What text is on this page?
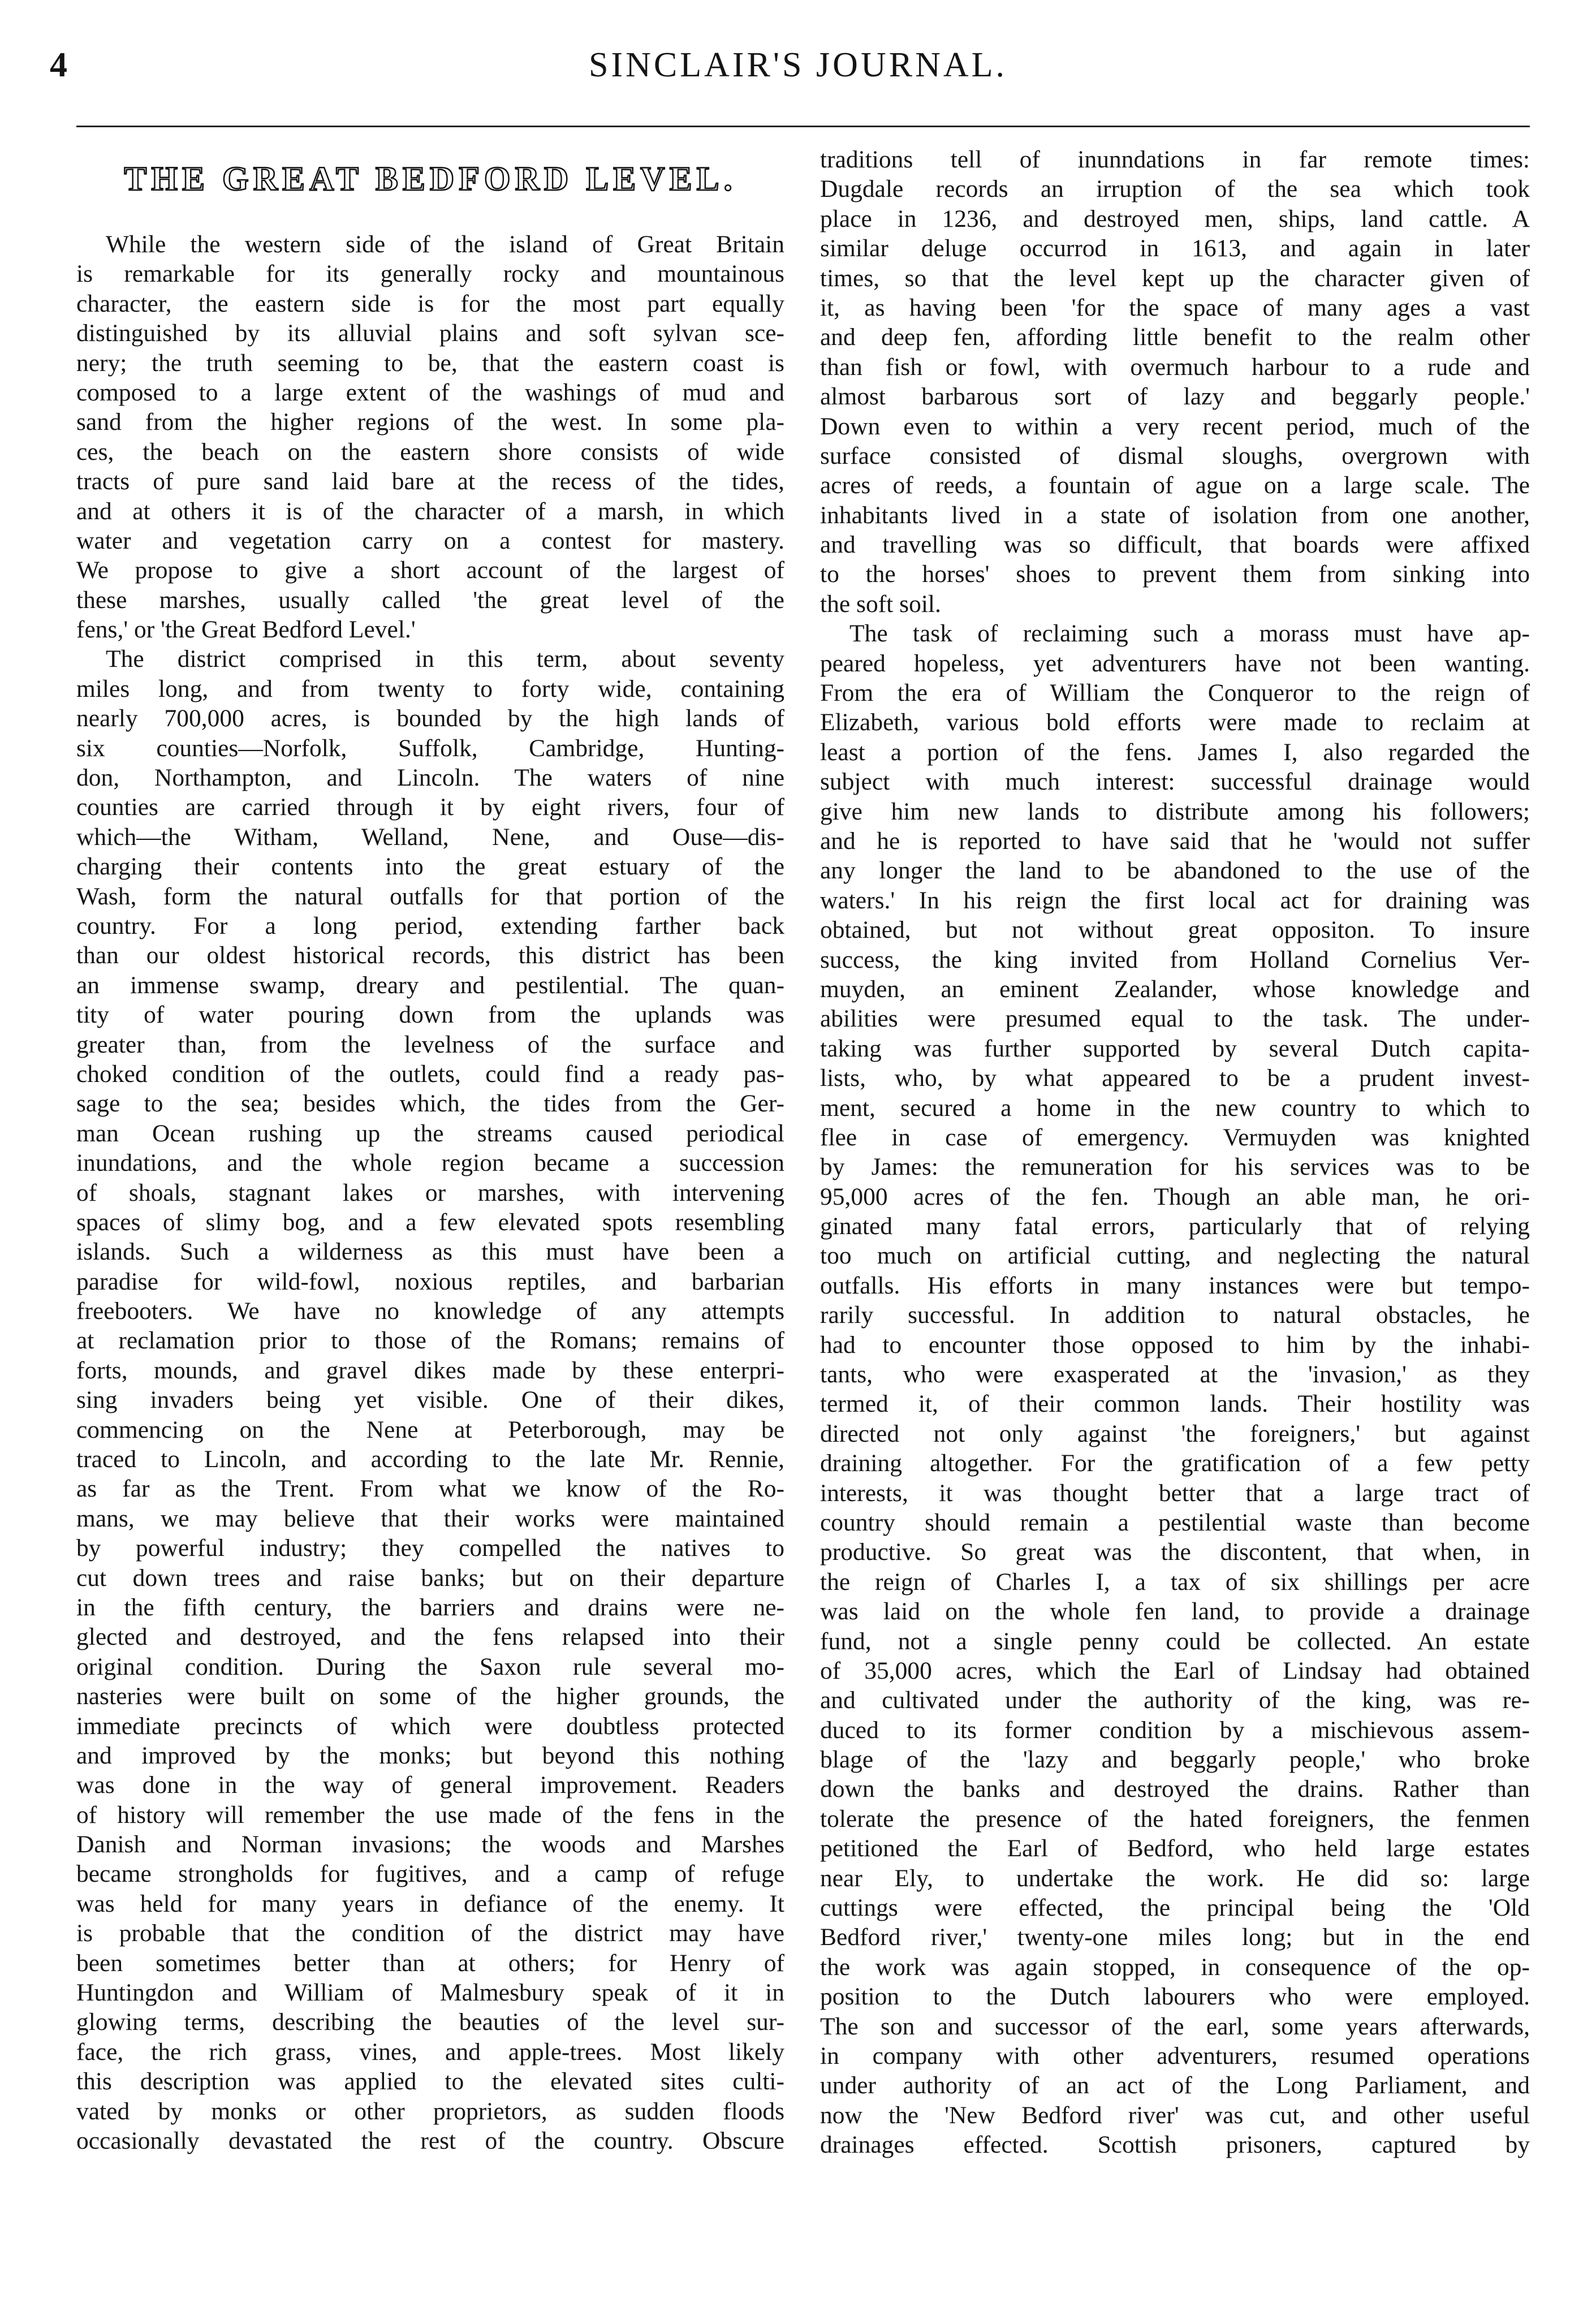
4	SINCLAIR'S JOURNAL.
THE GREAT BEDFORD LEVEL.
While the western side of the island of Great Britain
is remarkable for its generally rocky and mountainous
character, the eastern side is for the most part equally
distinguished by its alluvial plains and soft sylvan sce-
nery; the truth seeming to be, that the eastern coast is
composed to a large extent of the washings of mud and
sand from the higher regions of the west. In some pla-
ces, the beach on the eastern shore consists of wide
tracts of pure sand laid bare at the recess of the tides,
and at others it is of the character of a marsh, in which
water and vegetation carry on a contest for mastery.
We propose to give a short account of the largest of
these marshes, usually called 'the great level of the
fens,' or 'the Great Bedford Level.'
The district comprised in this term, about seventy
miles long, and from twenty to forty wide, containing
nearly 700,000 acres, is bounded by the high lands of
six counties—Norfolk, Suffolk, Cambridge, Hunting-
don, Northampton, and Lincoln. The waters of nine
counties are carried through it by eight rivers, four of
which—the Witham, Welland, Nene, and Ouse—dis-
charging their contents into the great estuary of the
Wash, form the natural outfalls for that portion of the
country. For a long period, extending farther back
than our oldest historical records, this district has been
an immense swamp, dreary and pestilential. The quan-
tity of water pouring down from the uplands was
greater than, from the levelness of the surface and
choked condition of the outlets, could find a ready pas-
sage to the sea; besides which, the tides from the Ger-
man Ocean rushing up the streams caused periodical
inundations, and the whole region became a succession
of shoals, stagnant lakes or marshes, with intervening
spaces of slimy bog, and a few elevated spots resembling
islands. Such a wilderness as this must have been a
paradise for wild-fowl, noxious reptiles, and barbarian
freebooters. We have no knowledge of any attempts
at reclamation prior to those of the Romans; remains of
forts, mounds, and gravel dikes made by these enterpri-
sing invaders being yet visible. One of their dikes,
commencing on the Nene at Peterborough, may be
traced to Lincoln, and according to the late Mr. Rennie,
as far as the Trent. From what we know of the Ro-
mans, we may believe that their works were maintained
by powerful industry; they compelled the natives to
cut down trees and raise banks; but on their departure
in the fifth century, the barriers and drains were ne-
glected and destroyed, and the fens relapsed into their
original condition. During the Saxon rule several mo-
nasteries were built on some of the higher grounds, the
immediate precincts of which were doubtless protected
and improved by the monks; but beyond this nothing
was done in the way of general improvement. Readers
of history will remember the use made of the fens in the
Danish and Norman invasions; the woods and Marshes
became strongholds for fugitives, and a camp of refuge
was held for many years in defiance of the enemy. It
is probable that the condition of the district may have
been sometimes better than at others; for Henry of
Huntingdon and William of Malmesbury speak of it in
glowing terms, describing the beauties of the level sur-
face, the rich grass, vines, and apple-trees. Most likely
this description was applied to the elevated sites culti-
vated by monks or other proprietors, as sudden floods
occasionally devastated the rest of the country. Obscure
traditions tell of inunndations in far remote times:
Dugdale records an irruption of the sea which took
place in 1236, and destroyed men, ships, land cattle. A
similar deluge occurrod in 1613, and again in later
times, so that the level kept up the character given of
it, as having been 'for the space of many ages a vast
and deep fen, affording little benefit to the realm other
than fish or fowl, with overmuch harbour to a rude and
almost barbarous sort of lazy and beggarly people.'
Down even to within a very recent period, much of the
surface consisted of dismal sloughs, overgrown with
acres of reeds, a fountain of ague on a large scale. The
inhabitants lived in a state of isolation from one another,
and travelling was so difficult, that boards were affixed
to the horses' shoes to prevent them from sinking into
the soft soil.
The task of reclaiming such a morass must have ap-
peared hopeless, yet adventurers have not been wanting.
From the era of William the Conqueror to the reign of
Elizabeth, various bold efforts were made to reclaim at
least a portion of the fens. James I, also regarded the
subject with much interest: successful drainage would
give him new lands to distribute among his followers;
and he is reported to have said that he 'would not suffer
any longer the land to be abandoned to the use of the
waters.' In his reign the first local act for draining was
obtained, but not without great oppositon. To insure
success, the king invited from Holland Cornelius Ver-
muyden, an eminent Zealander, whose knowledge and
abilities were presumed equal to the task. The under-
taking was further supported by several Dutch capita-
lists, who, by what appeared to be a prudent invest-
ment, secured a home in the new country to which to
flee in case of emergency. Vermuyden was knighted
by James: the remuneration for his services was to be
95,000 acres of the fen. Though an able man, he ori-
ginated many fatal errors, particularly that of relying
too much on artificial cutting, and neglecting the natural
outfalls. His efforts in many instances were but tempo-
rarily successful. In addition to natural obstacles, he
had to encounter those opposed to him by the inhabi-
tants, who were exasperated at the 'invasion,' as they
termed it, of their common lands. Their hostility was
directed not only against 'the foreigners,' but against
draining altogether. For the gratification of a few petty
interests, it was thought better that a large tract of
country should remain a pestilential waste than become
productive. So great was the discontent, that when, in
the reign of Charles I, a tax of six shillings per acre
was laid on the whole fen land, to provide a drainage
fund, not a single penny could be collected. An estate
of 35,000 acres, which the Earl of Lindsay had obtained
and cultivated under the authority of the king, was re-
duced to its former condition by a mischievous assem-
blage of the 'lazy and beggarly people,' who broke
down the banks and destroyed the drains. Rather than
tolerate the presence of the hated foreigners, the fenmen
petitioned the Earl of Bedford, who held large estates
near Ely, to undertake the work. He did so: large
cuttings were effected, the principal being the 'Old
Bedford river,' twenty-one miles long; but in the end
the work was again stopped, in consequence of the op-
position to the Dutch labourers who were employed.
The son and successor of the earl, some years afterwards,
in company with other adventurers, resumed operations
under authority of an act of the Long Parliament, and
now the 'New Bedford river' was cut, and other useful
drainages effected. Scottish prisoners, captured by
